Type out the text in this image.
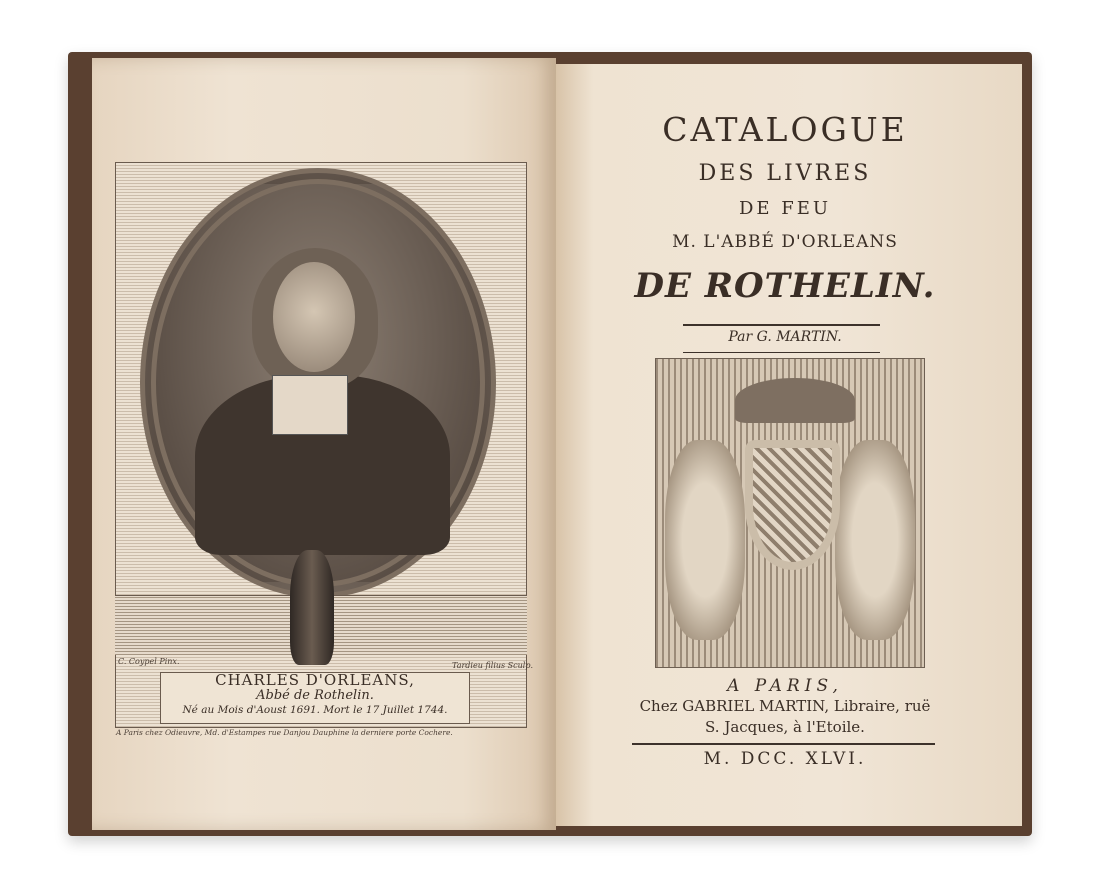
C. Coypel Pinx.	Tardieu filius Sculp.
CHARLES D'ORLEANS,
Abbé de Rothelin.
Né au Mois d'Aoust 1691. Mort le 17 Juillet 1744.
A Paris chez Odieuvre, Md. d'Estampes rue Danjou Dauphine la derniere porte Cochere.
CATALOGUE
DES LIVRES
DE FEU
M. L'ABBÉ D'ORLEANS
DE ROTHELIN.
Par G. MARTIN.
A PARIS,
Chez GABRIEL MARTIN, Libraire, ruë
S. Jacques, à l'Etoile.
M. DCC. XLVI.
